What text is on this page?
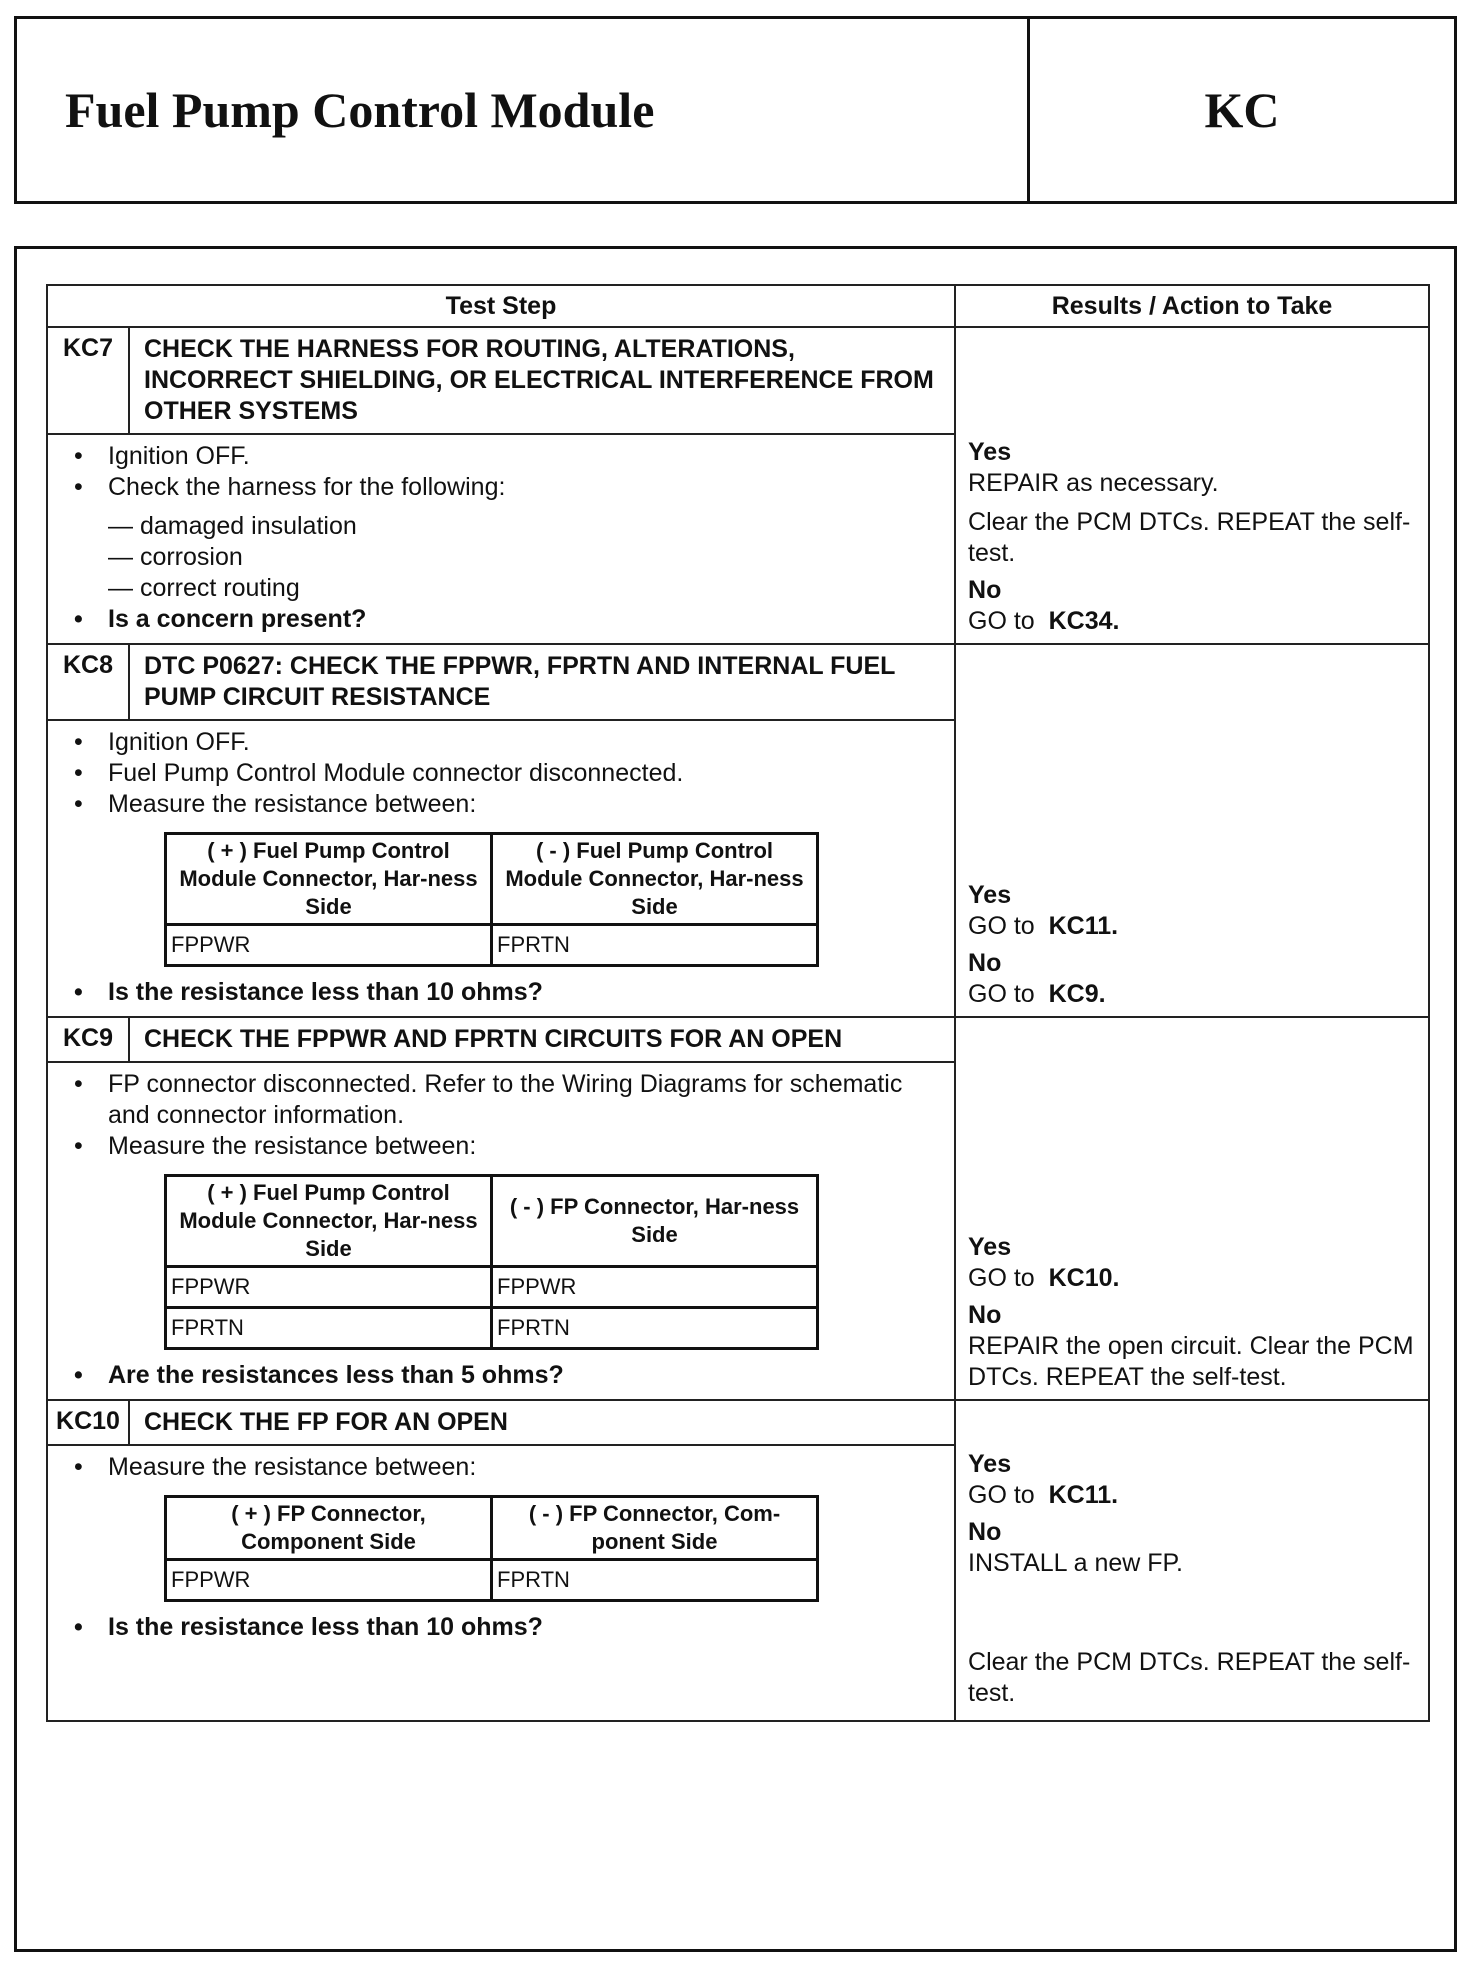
Fuel Pump Control Module	KC
Test Step	Results / Action to Take
KC7	CHECK THE HARNESS FOR ROUTING, ALTERATIONS, INCORRECT SHIELDING, OR ELECTRICAL INTERFERENCE FROM OTHER SYSTEMS	
Yes
REPAIR as necessary.
Clear the PCM DTCs. REPEAT the self-test.
No
GO to KC34.

• Ignition OFF.
• Check the harness for the following:
— damaged insulation
— corrosion
— correct routing
• Is a concern present?

KC8	DTC P0627: CHECK THE FPPWR, FPRTN AND INTERNAL FUEL PUMP CIRCUIT RESISTANCE	
Yes
GO to KC11.
No
GO to KC9.

• Ignition OFF.
• Fuel Pump Control Module connector disconnected.
• Measure the resistance between:
( + ) Fuel Pump Control Module Connector, Har-ness Side	( - ) Fuel Pump Control Module Connector, Har-ness Side
FPPWR	FPRTN
• Is the resistance less than 10 ohms?

KC9	CHECK THE FPPWR AND FPRTN CIRCUITS FOR AN OPEN	
Yes
GO to KC10.
No
REPAIR the open circuit. Clear the PCM DTCs. REPEAT the self-test.

• FP connector disconnected. Refer to the Wiring Diagrams for schematic and connector information.
• Measure the resistance between:
( + ) Fuel Pump Control Module Connector, Har-ness Side	( - ) FP Connector, Har-ness Side
FPPWR	FPPWR
FPRTN	FPRTN
• Are the resistances less than 5 ohms?

KC10	CHECK THE FP FOR AN OPEN	
Yes
GO to KC11.
No
INSTALL a new FP.
Clear the PCM DTCs. REPEAT the self-test.

• Measure the resistance between:
( + ) FP Connector, Component Side	( - ) FP Connector, Com-ponent Side
FPPWR	FPRTN
• Is the resistance less than 10 ohms?
